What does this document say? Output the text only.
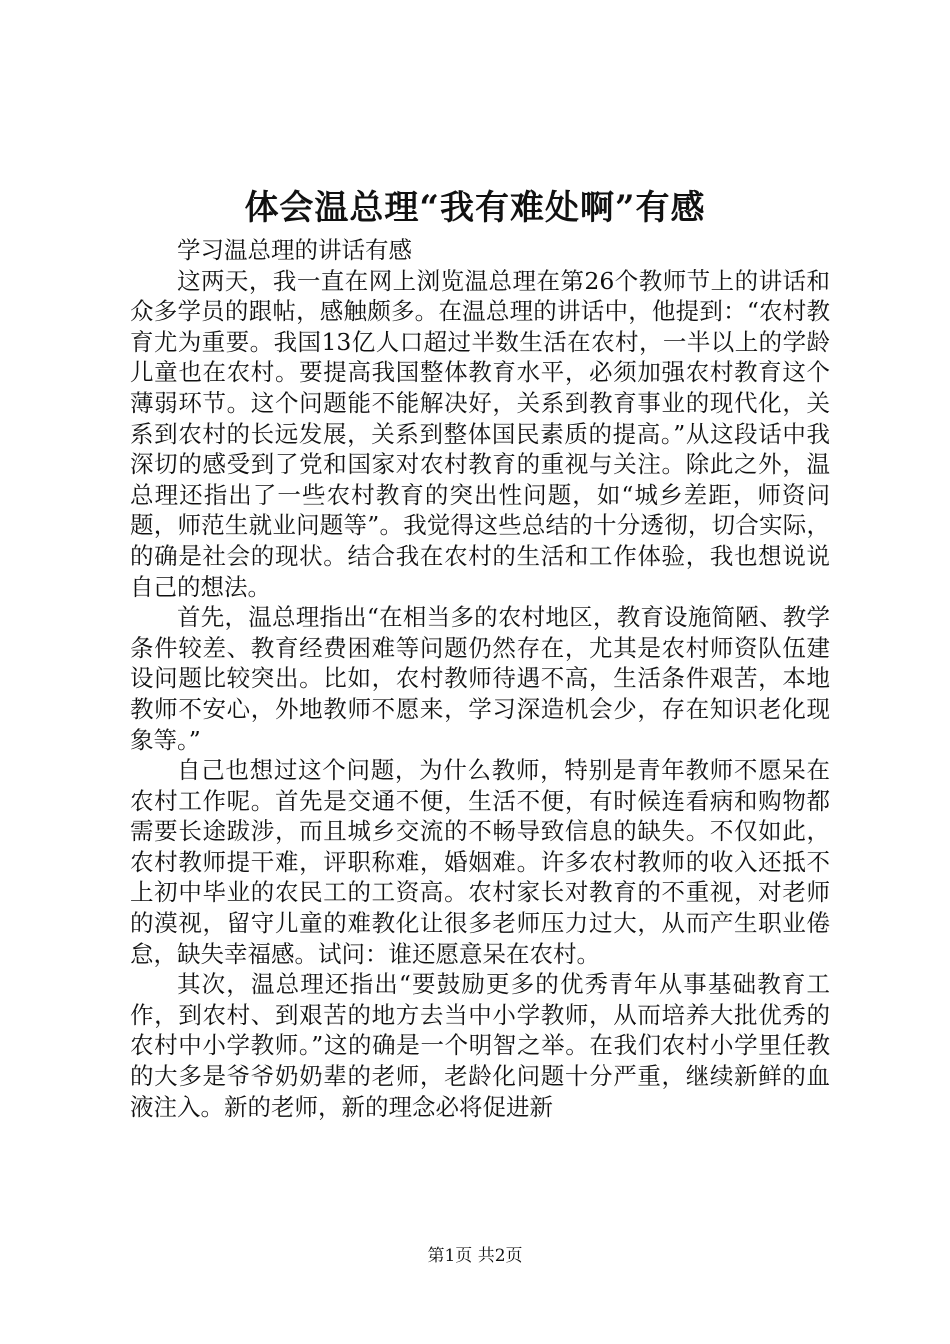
体会温总理“我有难处啊”有感

学习温总理的讲话有感

这两天，我一直在网上浏览温总理在第26个教师节上的讲话和众多学员的跟帖，感触颇多。在温总理的讲话中，他提到：“农村教育尤为重要。我国13亿人口超过半数生活在农村，一半以上的学龄儿童也在农村。要提高我国整体教育水平，必须加强农村教育这个薄弱环节。这个问题能不能解决好，关系到教育事业的现代化，关系到农村的长远发展，关系到整体国民素质的提高。”从这段话中我深切的感受到了党和国家对农村教育的重视与关注。除此之外，温总理还指出了一些农村教育的突出性问题，如“城乡差距，师资问题，师范生就业问题等”。我觉得这些总结的十分透彻，切合实际，的确是社会的现状。结合我在农村的生活和工作体验，我也想说说自己的想法。

首先，温总理指出“在相当多的农村地区，教育设施简陋、教学条件较差、教育经费困难等问题仍然存在，尤其是农村师资队伍建设问题比较突出。比如，农村教师待遇不高，生活条件艰苦，本地教师不安心，外地教师不愿来，学习深造机会少，存在知识老化现象等。”

自己也想过这个问题，为什么教师，特别是青年教师不愿呆在农村工作呢。首先是交通不便，生活不便，有时候连看病和购物都需要长途跋涉，而且城乡交流的不畅导致信息的缺失。不仅如此，农村教师提干难，评职称难，婚姻难。许多农村教师的收入还抵不上初中毕业的农民工的工资高。农村家长对教育的不重视，对老师的漠视，留守儿童的难教化让很多老师压力过大，从而产生职业倦怠，缺失幸福感。试问：谁还愿意呆在农村。

其次，温总理还指出“要鼓励更多的优秀青年从事基础教育工作，到农村、到艰苦的地方去当中小学教师，从而培养大批优秀的农村中小学教师。”这的确是一个明智之举。在我们农村小学里任教的大多是爷爷奶奶辈的老师，老龄化问题十分严重，继续新鲜的血液注入。新的老师，新的理念必将促进新

第1页 共2页
